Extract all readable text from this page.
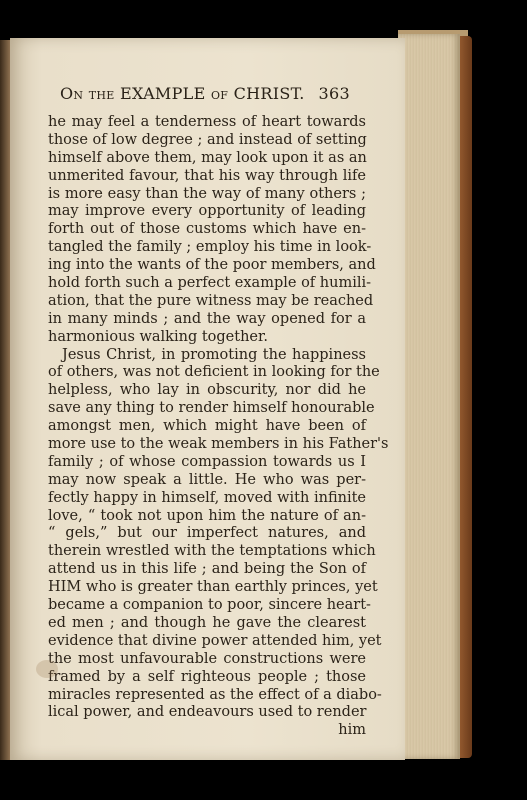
On the EXAMPLE of CHRIST. 363
he may feel a tenderness of heart towards
those of low degree ; and instead of setting
himself above them, may look upon it as an
unmerited favour, that his way through life
is more easy than the way of many others ;
may improve every opportunity of leading
forth out of those customs which have en-
tangled the family ; employ his time in look-
ing into the wants of the poor members, and
hold forth such a perfect example of humili-
ation, that the pure witness may be reached
in many minds ; and the way opened for a
harmonious walking together.
Jesus Christ, in promoting the happiness
of others, was not deficient in looking for the
helpless, who lay in obscurity, nor did he
save any thing to render himself honourable
amongst men, which might have been of
more use to the weak members in his Father's
family ; of whose compassion towards us I
may now speak a little. He who was per-
fectly happy in himself, moved with infinite
love, “ took not upon him the nature of an-
“ gels,” but our imperfect natures, and
therein wrestled with the temptations which
attend us in this life ; and being the Son of
HIM who is greater than earthly princes, yet
became a companion to poor, sincere heart-
ed men ; and though he gave the clearest
evidence that divine power attended him, yet
the most unfavourable constructions were
framed by a self righteous people ; those
miracles represented as the effect of a diabo-
lical power, and endeavours used to render
him
